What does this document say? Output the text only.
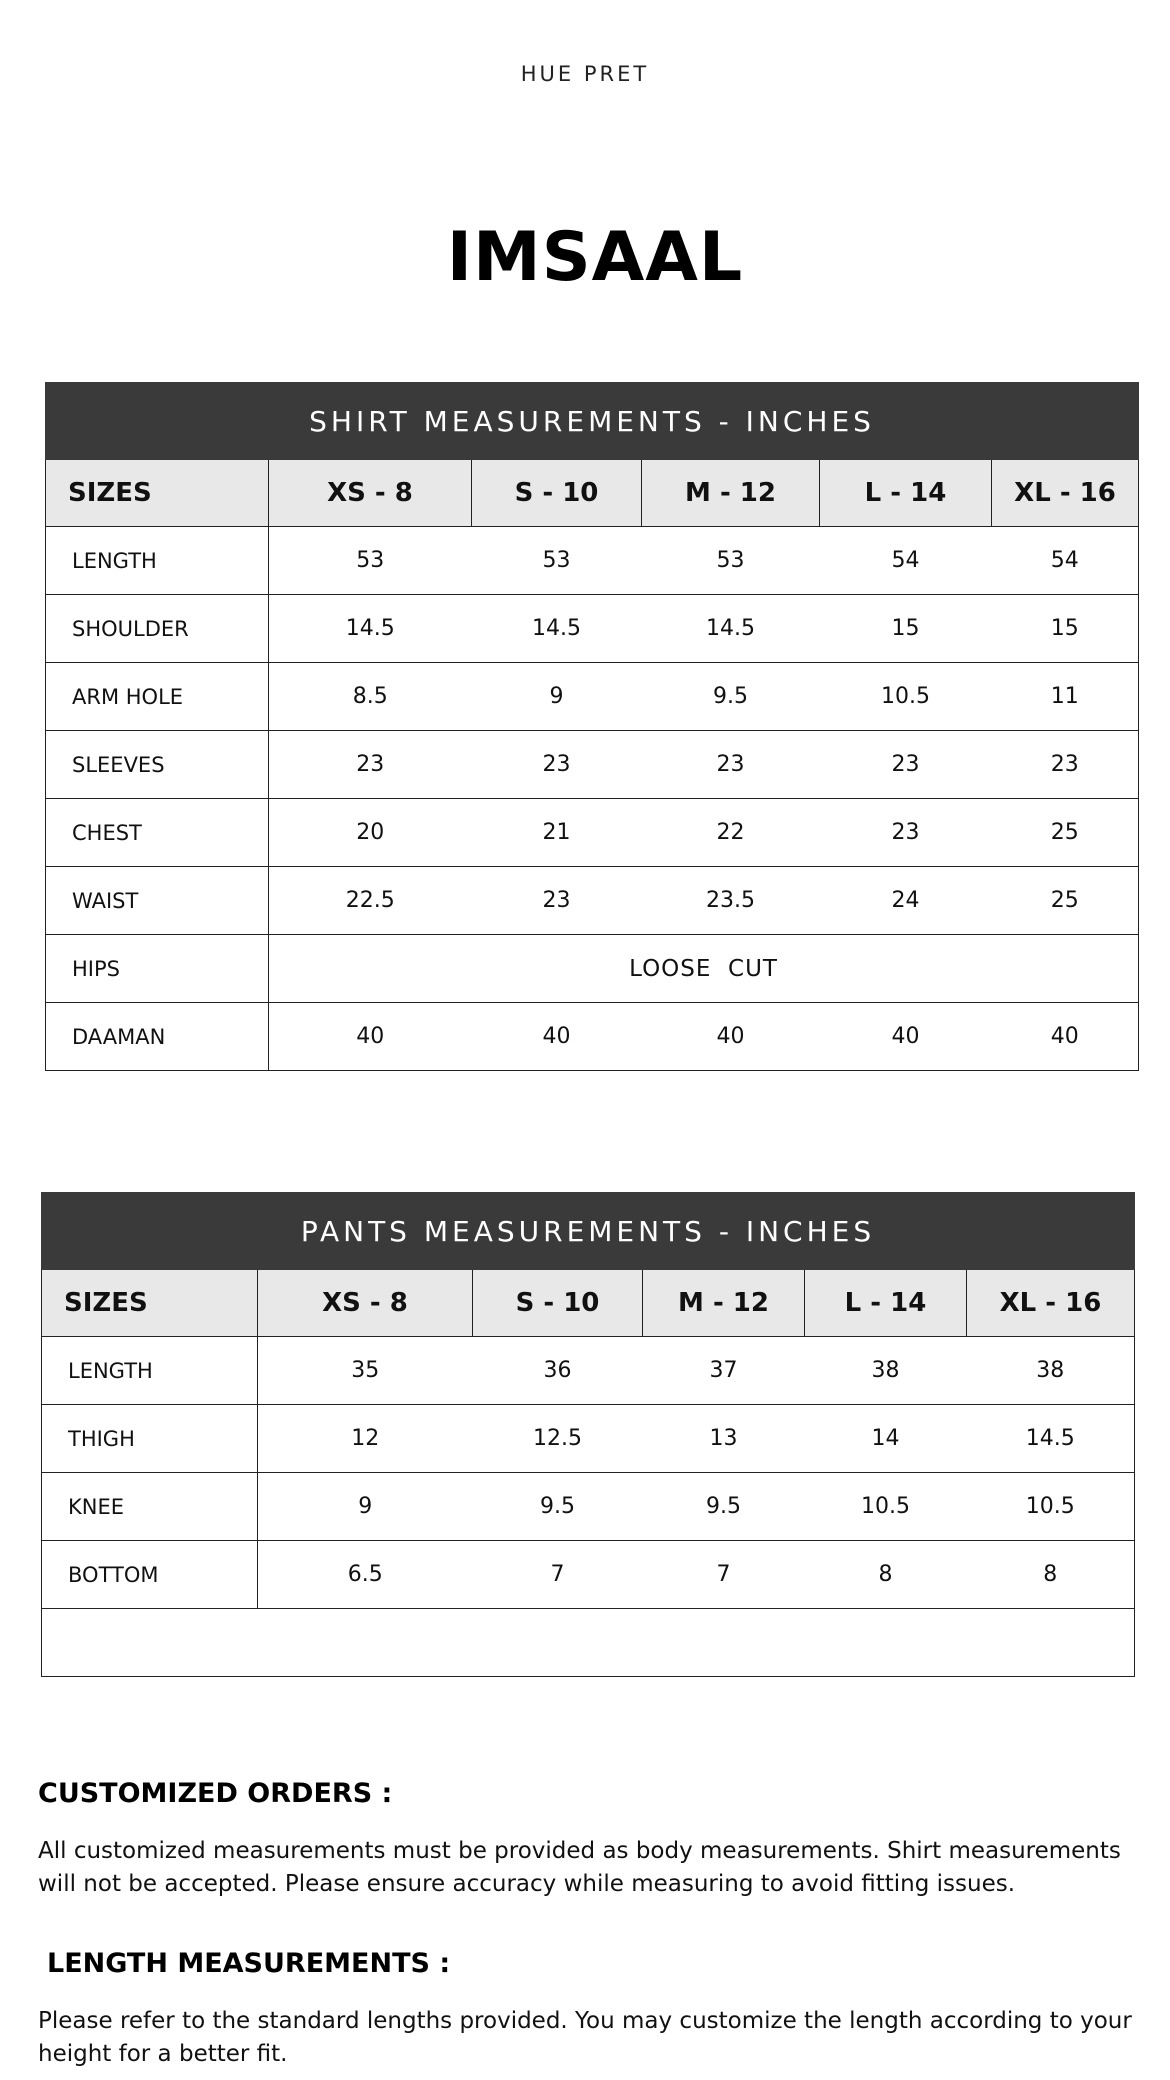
HUE PRET
IMSAAL
SHIRT MEASUREMENTS - INCHES					
SIZES	XS - 8	S - 10	M - 12	L - 14	XL - 16
LENGTH	53	53	53	54	54
SHOULDER	14.5	14.5	14.5	15	15
ARM HOLE	8.5	9	9.5	10.5	11
SLEEVES	23	23	23	23	23
CHEST	20	21	22	23	25
WAIST	22.5	23	23.5	24	25
HIPS	LOOSE  CUT				
DAAMAN	40	40	40	40	40
PANTS MEASUREMENTS - INCHES					
SIZES	XS - 8	S - 10	M - 12	L - 14	XL - 16
LENGTH	35	36	37	38	38
THIGH	12	12.5	13	14	14.5
KNEE	9	9.5	9.5	10.5	10.5
BOTTOM	6.5	7	7	8	8

CUSTOMIZED ORDERS :

All customized measurements must be provided as body measurements. Shirt measurements will not be accepted. Please ensure accuracy while measuring to avoid fitting issues.

LENGTH MEASUREMENTS :

Please refer to the standard lengths provided. You may customize the length according to your height for a better fit.
